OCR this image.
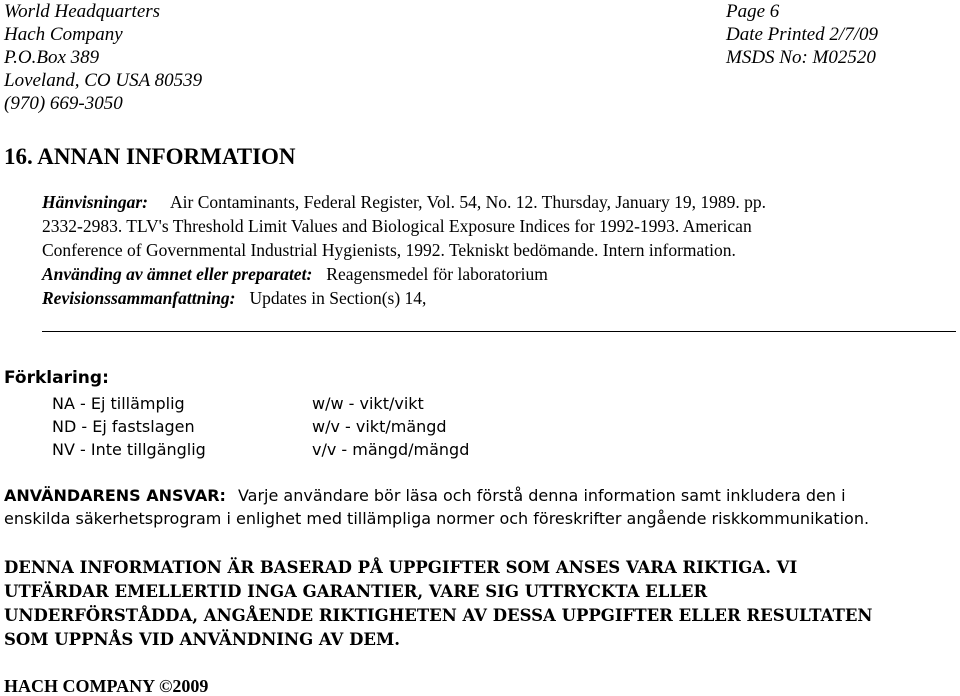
World Headquarters
Hach Company
P.O.Box 389
Loveland, CO USA 80539
(970) 669-3050
Page 6
Date Printed 2/7/09
MSDS No: M02520
16. ANNAN INFORMATION
Hänvisningar: Air Contaminants, Federal Register, Vol. 54, No. 12. Thursday, January 19, 1989. pp.
2332-2983. TLV's Threshold Limit Values and Biological Exposure Indices for 1992-1993. American
Conference of Governmental Industrial Hygienists, 1992. Tekniskt bedömande. Intern information.
Använding av ämnet eller preparatet: Reagensmedel för laboratorium
Revisionssammanfattning: Updates in Section(s) 14,
Förklaring:
NA - Ej tillämplig
ND - Ej fastslagen
NV - Inte tillgänglig
w/w - vikt/vikt
w/v - vikt/mängd
v/v - mängd/mängd
ANVÄNDARENS ANSVAR: Varje användare bör läsa och förstå denna information samt inkludera den i
enskilda säkerhetsprogram i enlighet med tillämpliga normer och föreskrifter angående riskkommunikation.
DENNA INFORMATION ÄR BASERAD PÅ UPPGIFTER SOM ANSES VARA RIKTIGA. VI
UTFÄRDAR EMELLERTID INGA GARANTIER, VARE SIG UTTRYCKTA ELLER
UNDERFÖRSTÅDDA, ANGÅENDE RIKTIGHETEN AV DESSA UPPGIFTER ELLER RESULTATEN
SOM UPPNÅS VID ANVÄNDNING AV DEM.
HACH COMPANY ©2009
